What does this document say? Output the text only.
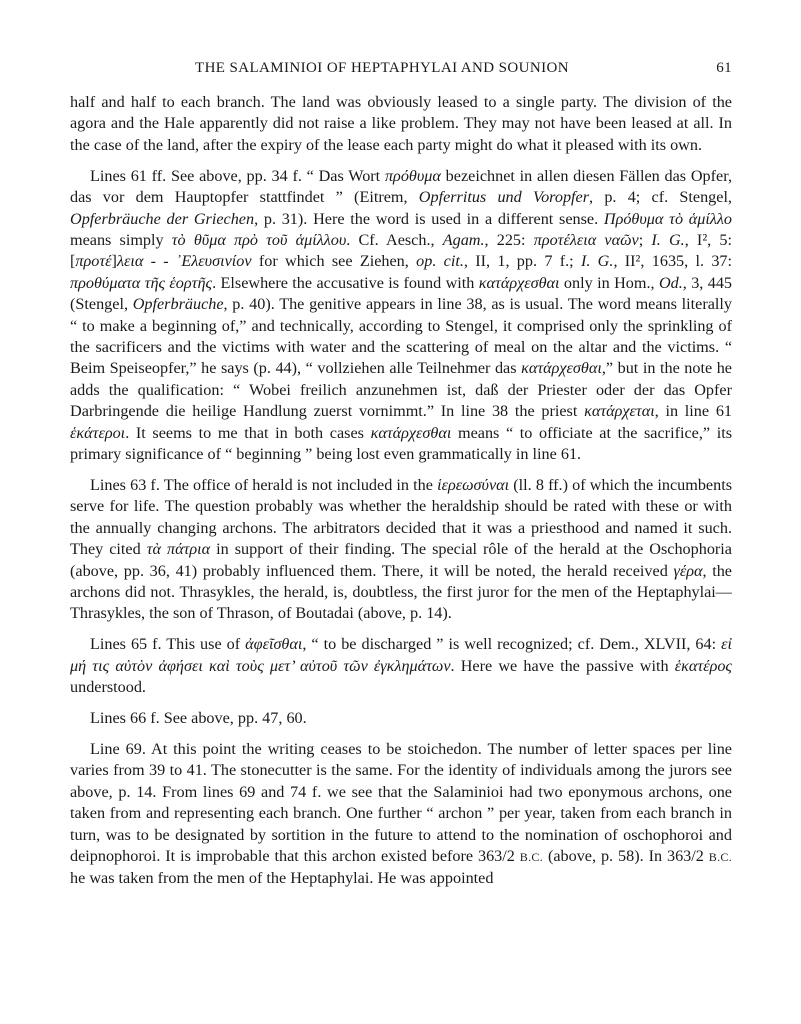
THE SALAMINIOI OF HEPTAPHYLAI AND SOUNION	61

half and half to each branch. The land was obviously leased to a single party. The division of the agora and the Hale apparently did not raise a like problem. They may not have been leased at all. In the case of the land, after the expiry of the lease each party might do what it pleased with its own.

Lines 61 ff. See above, pp. 34 f. “ Das Wort πρόθυμα bezeichnet in allen diesen Fällen das Opfer, das vor dem Hauptopfer stattfindet ” (Eitrem, Opferritus und Voropfer, p. 4; cf. Stengel, Opferbräuche der Griechen, p. 31). Here the word is used in a different sense. Πρόθυμα τὸ ἁμίλλο means simply τὸ θῦμα πρὸ τοῦ ἁμίλλου. Cf. Aesch., Agam., 225: προτέλεια ναῶν; I. G., I², 5: [προτέ]λεια - - ᾿Ελευσινίον for which see Ziehen, op. cit., II, 1, pp. 7 f.; I. G., II², 1635, l. 37: προθύματα τῆς ἑορτῆς. Elsewhere the accusative is found with κατάρχεσθαι only in Hom., Od., 3, 445 (Stengel, Opferbräuche, p. 40). The genitive appears in line 38, as is usual. The word means literally “ to make a beginning of,” and technically, according to Stengel, it comprised only the sprinkling of the sacrificers and the victims with water and the scattering of meal on the altar and the victims. “ Beim Speiseopfer,” he says (p. 44), “ vollziehen alle Teilnehmer das κατάρχεσθαι,” but in the note he adds the qualification: “ Wobei freilich anzunehmen ist, daß der Priester oder der das Opfer Darbringende die heilige Handlung zuerst vornimmt.” In line 38 the priest κατάρχεται, in line 61 ἑκάτεροι. It seems to me that in both cases κατάρχεσθαι means “ to officiate at the sacrifice,” its primary significance of “ beginning ” being lost even grammatically in line 61.

Lines 63 f. The office of herald is not included in the ἱερεωσύναι (ll. 8 ff.) of which the incumbents serve for life. The question probably was whether the heraldship should be rated with these or with the annually changing archons. The arbitrators decided that it was a priesthood and named it such. They cited τὰ πάτρια in support of their finding. The special rôle of the herald at the Oschophoria (above, pp. 36, 41) probably influenced them. There, it will be noted, the herald received γέρα, the archons did not. Thrasykles, the herald, is, doubtless, the first juror for the men of the Heptaphylai—Thrasykles, the son of Thrason, of Boutadai (above, p. 14).

Lines 65 f. This use of ἀφεῖσθαι, “ to be discharged ” is well recognized; cf. Dem., XLVII, 64: εἰ μή τις αὐτὸν ἀφήσει καὶ τοὺς μετ’ αὐτοῦ τῶν ἐγκλημάτων. Here we have the passive with ἑκατέρος understood.

Lines 66 f. See above, pp. 47, 60.

Line 69. At this point the writing ceases to be stoichedon. The number of letter spaces per line varies from 39 to 41. The stonecutter is the same. For the identity of individuals among the jurors see above, p. 14. From lines 69 and 74 f. we see that the Salaminioi had two eponymous archons, one taken from and representing each branch. One further “ archon ” per year, taken from each branch in turn, was to be designated by sortition in the future to attend to the nomination of oschophoroi and deipnophoroi. It is improbable that this archon existed before 363/2 B.C. (above, p. 58). In 363/2 B.C. he was taken from the men of the Heptaphylai. He was appointed
